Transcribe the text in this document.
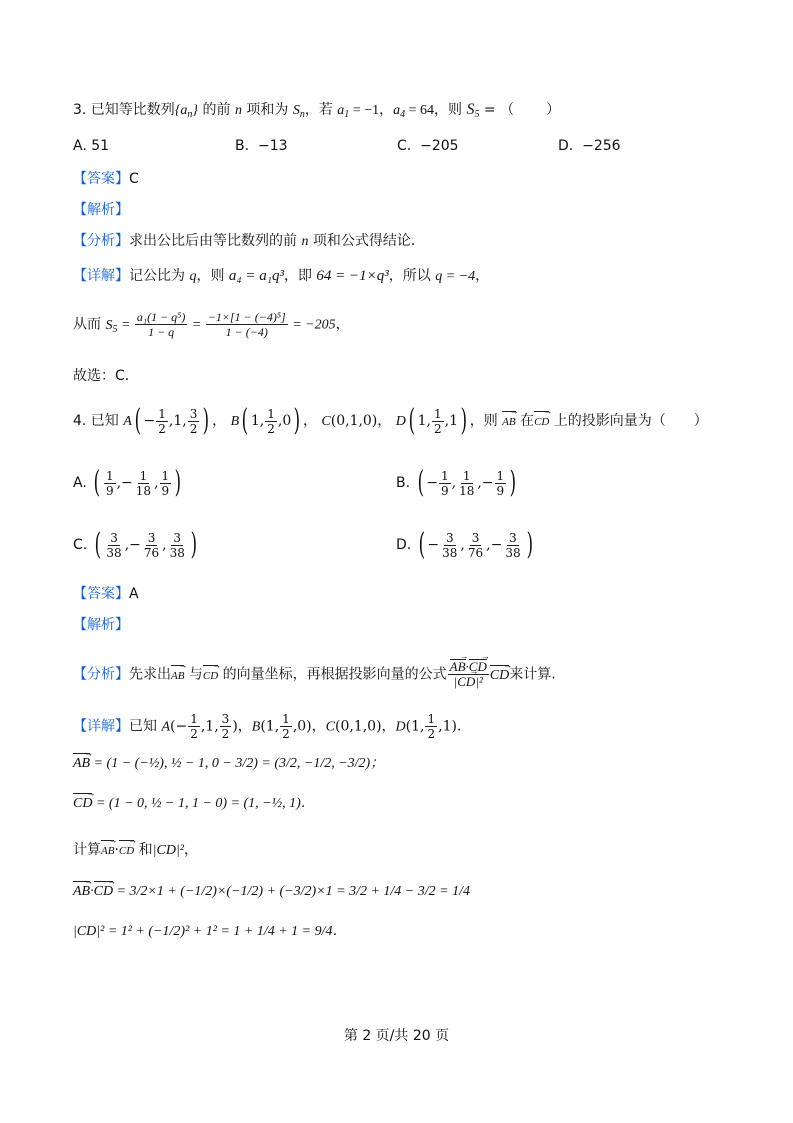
3. 已知等比数列$\{a_n\}$ 的前 n 项和为 $S_n$，若 $a_1 = -1$，$a_4 = 64$，则 $S_5$ = （ ）
A. 51	B. −13	C. −205	D. −256
【答案】C
【解析】
【分析】求出公比后由等比数列的前 n 项和公式得结论．
【详解】记公比为 q，则 a₄ = a₁q³，即 64 = −1×q³，所以 q = −4，
从而 $S_5 = \frac{\text{a₁(1 − q⁵)}}{1 - q} = \frac{\text{−1×[1 − (−4)⁵]}}{1 - (-4)} = -205$，
故选：C．
4. 已知 $A( - \frac{1}{2} ,1$, $\frac{3}{2}$ ) ， B( 1, $\frac{1}{2} ,0$) ， C(0,1,0)， D( 1, $\frac{1}{2} ,1$) ，则 AB → 在CD → 上的投影向量为（　　）
A. ( $\frac{1}{9}$ ,− $\frac{1}{18}$ , $\frac{1}{9}$ )	B. ( − $\frac{1}{9}$ , $\frac{1}{18}$ ,− $\frac{1}{9}$ )
C. ( $\frac{3}{38}$ ,− $\frac{3}{76}$ , $\frac{3}{38}$ )	D. ( − $\frac{3}{38}$ , $\frac{3}{76}$ ,− $\frac{3}{38}$ )
【答案】A
【解析】
【分析】先求出AB → 与CD → 的向量坐标，再根据投影向量的公式 $\frac{AB \to\cdot CD \to}{\text{|CD →|²}}$ CD →来计算.
【详解】已知 $A(- \frac{1}{2} ,1$, $\frac{3}{2}$ )，B(1, $\frac{1}{2} ,0$)，C(0,1,0)，D(1, $\frac{1}{2} ,1$)．
AB → = (1 − (−½), ½ − 1, 0 − 3/2) = (3/2, −1/2, −3/2)；
CD → = (1 − 0, ½ − 1, 1 − 0) = (1, −½, 1)．
计算AB →·CD → 和|CD|²，
AB →·CD → = 3/2×1 + (−1/2)×(−1/2) + (−3/2)×1 = 3/2 + 1/4 − 3/2 = 1/4
|CD|² = 1² + (−1/2)² + 1² = 1 + 1/4 + 1 = 9/4．
第 2 页/共 20 页
